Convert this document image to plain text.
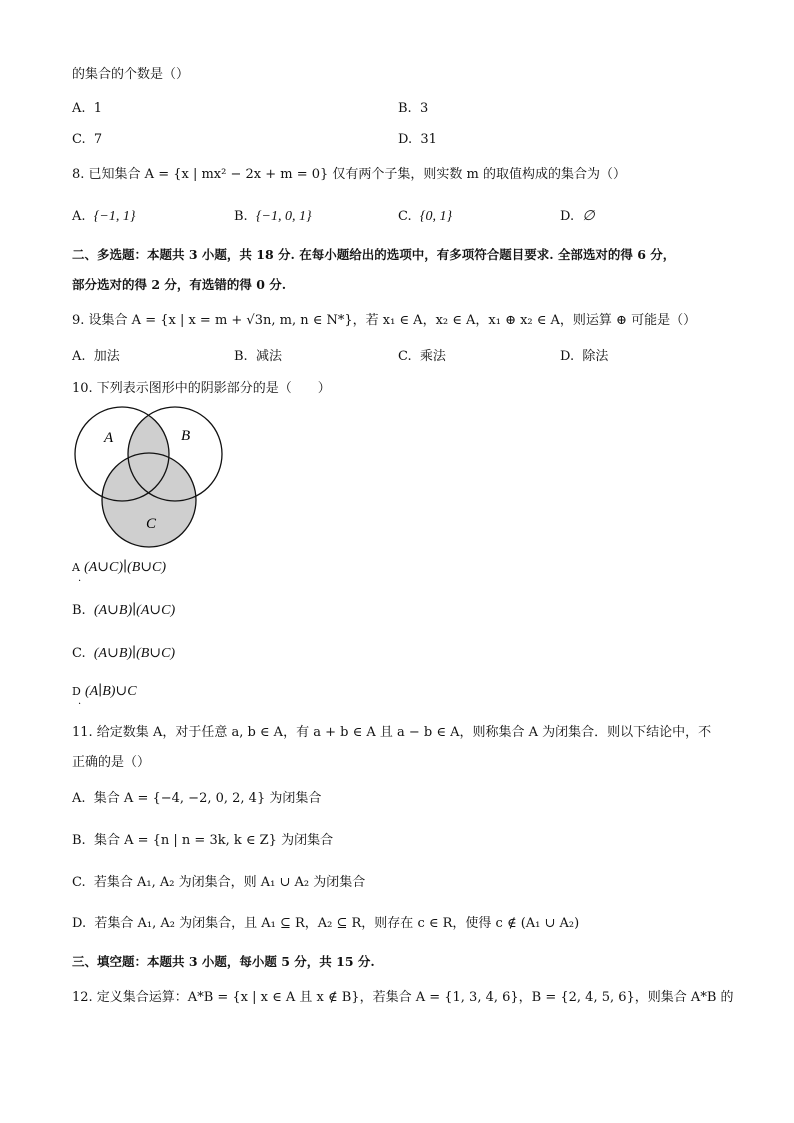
的集合的个数是（）
A. 1	B. 3
C. 7	D. 31
8. 已知集合 A = {x | mx² − 2x + m = 0} 仅有两个子集，则实数 m 的取值构成的集合为（）
A. {−1, 1}	B. {−1, 0, 1}	C. {0, 1}	D. ∅
二、多选题：本题共 3 小题，共 18 分. 在每小题给出的选项中，有多项符合题目要求. 全部选对的得 6 分，
部分选对的得 2 分，有选错的得 0 分.
9. 设集合 A = {x | x = m + √3n, m, n ∈ N*}，若 x₁ ∈ A，x₂ ∈ A，x₁ ⊕ x₂ ∈ A，则运算 ⊕ 可能是（）
A. 加法	B. 减法	C. 乘法	D. 除法
10. 下列表示图形中的阴影部分的是（　　）
A	B
C
A (A∪C)∣(B∪C)
·
B. (A∪B)∣(A∪C)
C. (A∪B)∣(B∪C)
D (A∣B)∪C
·
11. 给定数集 A，对于任意 a, b ∈ A，有 a + b ∈ A 且 a − b ∈ A，则称集合 A 为闭集合．则以下结论中，不
正确的是（）
A. 集合 A = {−4, −2, 0, 2, 4} 为闭集合
B. 集合 A = {n | n = 3k, k ∈ Z} 为闭集合
C. 若集合 A₁, A₂ 为闭集合，则 A₁ ∪ A₂ 为闭集合
D. 若集合 A₁, A₂ 为闭集合，且 A₁ ⊆ R，A₂ ⊆ R，则存在 c ∈ R，使得 c ∉ (A₁ ∪ A₂)
三、填空题：本题共 3 小题，每小题 5 分，共 15 分.
12. 定义集合运算：A*B = {x | x ∈ A 且 x ∉ B}，若集合 A = {1, 3, 4, 6}，B = {2, 4, 5, 6}，则集合 A*B 的
